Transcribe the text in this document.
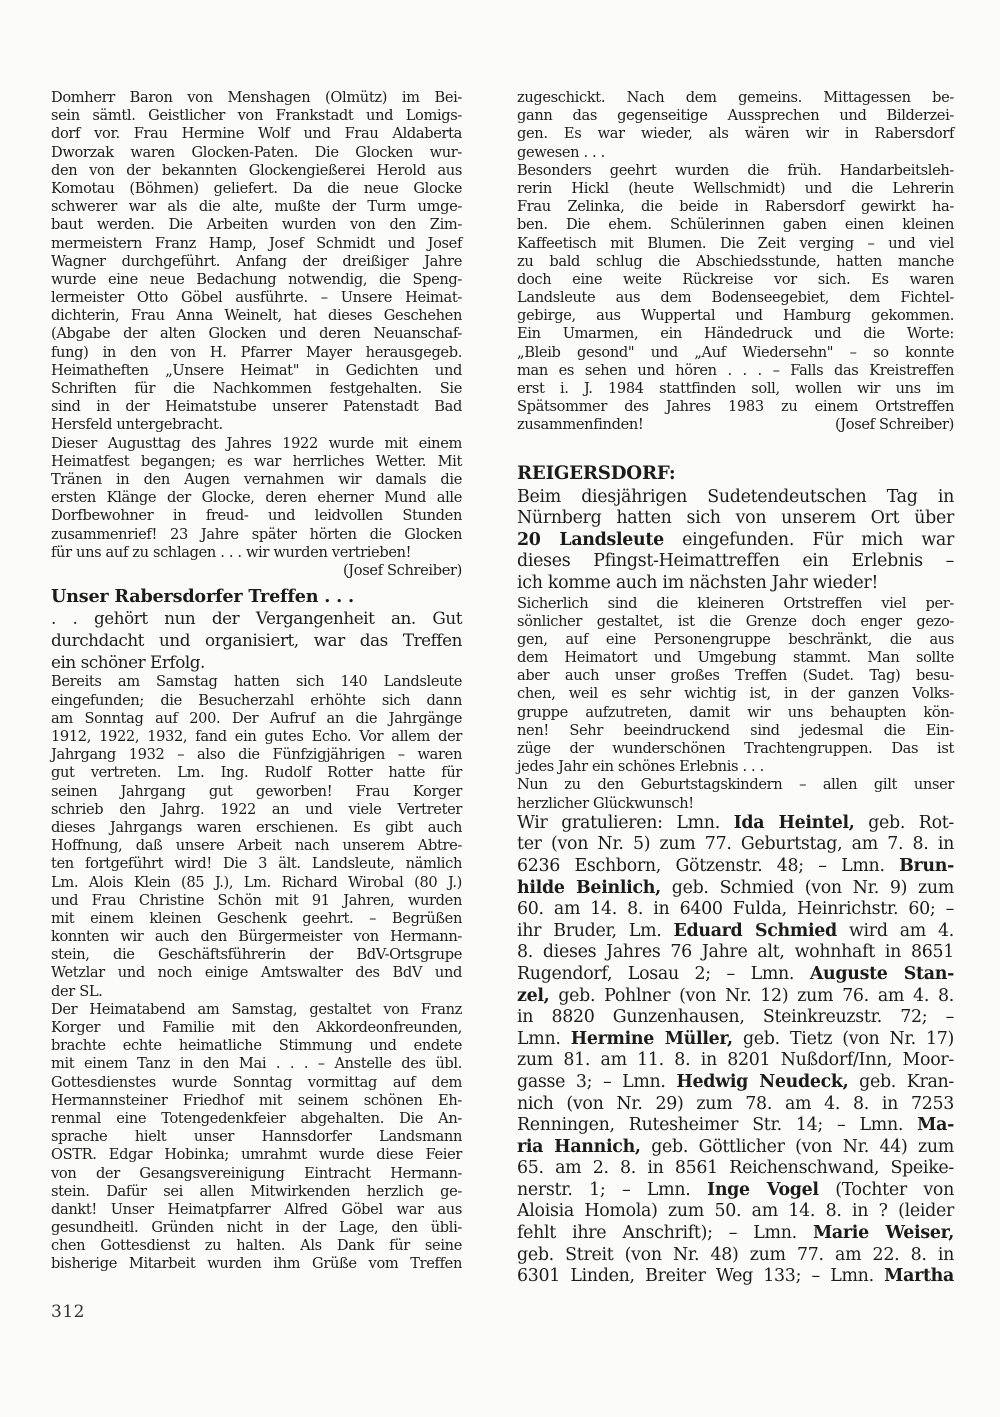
Domherr Baron von Menshagen (Olmütz) im Bei-
sein sämtl. Geistlicher von Frankstadt und Lomigs-
dorf vor. Frau Hermine Wolf und Frau Aldaberta
Dworzak waren Glocken-Paten. Die Glocken wur-
den von der bekannten Glockengießerei Herold aus
Komotau (Böhmen) geliefert. Da die neue Glocke
schwerer war als die alte, mußte der Turm umge-
baut werden. Die Arbeiten wurden von den Zim-
mermeistern Franz Hamp, Josef Schmidt und Josef
Wagner durchgeführt. Anfang der dreißiger Jahre
wurde eine neue Bedachung notwendig, die Speng-
lermeister Otto Göbel ausführte. – Unsere Heimat-
dichterin, Frau Anna Weinelt, hat dieses Geschehen
(Abgabe der alten Glocken und deren Neuanschaf-
fung) in den von H. Pfarrer Mayer herausgegeb.
Heimatheften „Unsere Heimat" in Gedichten und
Schriften für die Nachkommen festgehalten. Sie
sind in der Heimatstube unserer Patenstadt Bad
Hersfeld untergebracht.
Dieser Augusttag des Jahres 1922 wurde mit einem
Heimatfest begangen; es war herrliches Wetter. Mit
Tränen in den Augen vernahmen wir damals die
ersten Klänge der Glocke, deren eherner Mund alle
Dorfbewohner in freud- und leidvollen Stunden
zusammenrief! 23 Jahre später hörten die Glocken
für uns auf zu schlagen . . . wir wurden vertrieben!
(Josef Schreiber)
Unser Rabersdorfer Treffen . . .
. . gehört nun der Vergangenheit an. Gut
durchdacht und organisiert, war das Treffen
ein schöner Erfolg.
Bereits am Samstag hatten sich 140 Landsleute
eingefunden; die Besucherzahl erhöhte sich dann
am Sonntag auf 200. Der Aufruf an die Jahrgänge
1912, 1922, 1932, fand ein gutes Echo. Vor allem der
Jahrgang 1932 – also die Fünfzigjährigen – waren
gut vertreten. Lm. Ing. Rudolf Rotter hatte für
seinen Jahrgang gut geworben! Frau Korger
schrieb den Jahrg. 1922 an und viele Vertreter
dieses Jahrgangs waren erschienen. Es gibt auch
Hoffnung, daß unsere Arbeit nach unserem Abtre-
ten fortgeführt wird! Die 3 ält. Landsleute, nämlich
Lm. Alois Klein (85 J.), Lm. Richard Wirobal (80 J.)
und Frau Christine Schön mit 91 Jahren, wurden
mit einem kleinen Geschenk geehrt. – Begrüßen
konnten wir auch den Bürgermeister von Hermann-
stein, die Geschäftsführerin der BdV-Ortsgrupe
Wetzlar und noch einige Amtswalter des BdV und
der SL.
Der Heimatabend am Samstag, gestaltet von Franz
Korger und Familie mit den Akkordeonfreunden,
brachte echte heimatliche Stimmung und endete
mit einem Tanz in den Mai . . . – Anstelle des übl.
Gottesdienstes wurde Sonntag vormittag auf dem
Hermannsteiner Friedhof mit seinem schönen Eh-
renmal eine Totengedenkfeier abgehalten. Die An-
sprache hielt unser Hannsdorfer Landsmann
OSTR. Edgar Hobinka; umrahmt wurde diese Feier
von der Gesangsvereinigung Eintracht Hermann-
stein. Dafür sei allen Mitwirkenden herzlich ge-
dankt! Unser Heimatpfarrer Alfred Göbel war aus
gesundheitl. Gründen nicht in der Lage, den übli-
chen Gottesdienst zu halten. Als Dank für seine
bisherige Mitarbeit wurden ihm Grüße vom Treffen
zugeschickt. Nach dem gemeins. Mittagessen be-
gann das gegenseitige Aussprechen und Bilderzei-
gen. Es war wieder, als wären wir in Rabersdorf
gewesen . . .
Besonders geehrt wurden die früh. Handarbeitsleh-
rerin Hickl (heute Wellschmidt) und die Lehrerin
Frau Zelinka, die beide in Rabersdorf gewirkt ha-
ben. Die ehem. Schülerinnen gaben einen kleinen
Kaffeetisch mit Blumen. Die Zeit verging – und viel
zu bald schlug die Abschiedsstunde, hatten manche
doch eine weite Rückreise vor sich. Es waren
Landsleute aus dem Bodenseegebiet, dem Fichtel-
gebirge, aus Wuppertal und Hamburg gekommen.
Ein Umarmen, ein Händedruck und die Worte:
„Bleib gesond" und „Auf Wiedersehn" – so konnte
man es sehen und hören . . . – Falls das Kreistreffen
erst i. J. 1984 stattfinden soll, wollen wir uns im
Spätsommer des Jahres 1983 zu einem Ortstreffen
zusammenfinden!	(Josef Schreiber)
REIGERSDORF:
Beim diesjährigen Sudetendeutschen Tag in
Nürnberg hatten sich von unserem Ort über
20 Landsleute eingefunden. Für mich war
dieses Pfingst-Heimattreffen ein Erlebnis –
ich komme auch im nächsten Jahr wieder!
Sicherlich sind die kleineren Ortstreffen viel per-
sönlicher gestaltet, ist die Grenze doch enger gezo-
gen, auf eine Personengruppe beschränkt, die aus
dem Heimatort und Umgebung stammt. Man sollte
aber auch unser großes Treffen (Sudet. Tag) besu-
chen, weil es sehr wichtig ist, in der ganzen Volks-
gruppe aufzutreten, damit wir uns behaupten kön-
nen! Sehr beeindruckend sind jedesmal die Ein-
züge der wunderschönen Trachtengruppen. Das ist
jedes Jahr ein schönes Erlebnis . . .
Nun zu den Geburtstagskindern – allen gilt unser
herzlicher Glückwunsch!
Wir gratulieren: Lmn. Ida Heintel, geb. Rot-
ter (von Nr. 5) zum 77. Geburtstag, am 7. 8. in
6236 Eschborn, Götzenstr. 48; – Lmn. Brun-
hilde Beinlich, geb. Schmied (von Nr. 9) zum
60. am 14. 8. in 6400 Fulda, Heinrichstr. 60; –
ihr Bruder, Lm. Eduard Schmied wird am 4.
8. dieses Jahres 76 Jahre alt, wohnhaft in 8651
Rugendorf, Losau 2; – Lmn. Auguste Stan-
zel, geb. Pohlner (von Nr. 12) zum 76. am 4. 8.
in 8820 Gunzenhausen, Steinkreuzstr. 72; –
Lmn. Hermine Müller, geb. Tietz (von Nr. 17)
zum 81. am 11. 8. in 8201 Nußdorf/Inn, Moor-
gasse 3; – Lmn. Hedwig Neudeck, geb. Kran-
nich (von Nr. 29) zum 78. am 4. 8. in 7253
Renningen, Rutesheimer Str. 14; – Lmn. Ma-
ria Hannich, geb. Göttlicher (von Nr. 44) zum
65. am 2. 8. in 8561 Reichenschwand, Speike-
nerstr. 1; – Lmn. Inge Vogel (Tochter von
Aloisia Homola) zum 50. am 14. 8. in ? (leider
fehlt ihre Anschrift); – Lmn. Marie Weiser,
geb. Streit (von Nr. 48) zum 77. am 22. 8. in
6301 Linden, Breiter Weg 133; – Lmn. Martha
312
